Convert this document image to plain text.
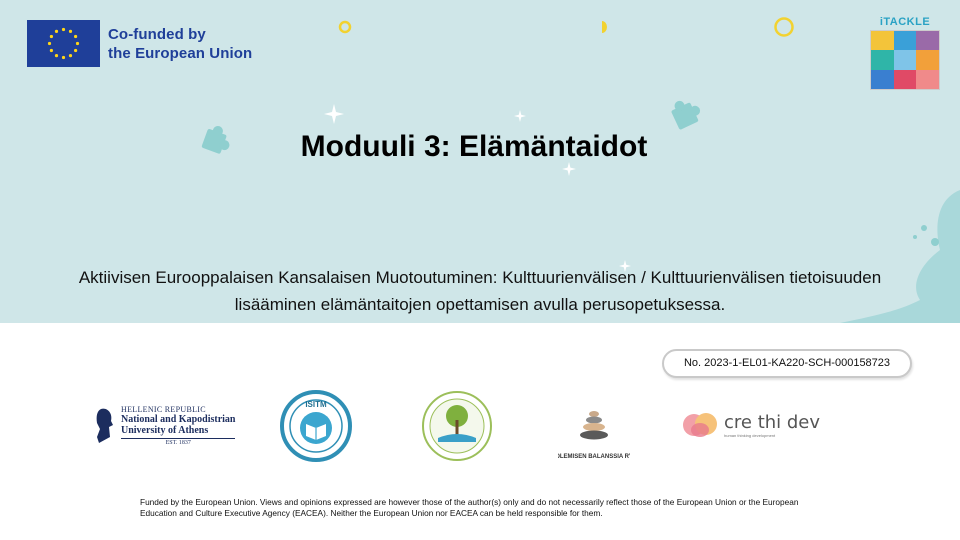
Co-funded by
the European Union
iTACKLE
Moduuli 3: Elämäntaidot

Aktiivisen Eurooppalaisen Kansalaisen Muotoutuminen: Kulttuurienvälisen / Kulttuurienvälisen tietoisuuden lisääminen elämäntaitojen opettamisen avulla perusopetuksessa.

No. 2023-1-EL01-KA220-SCH-000158723
HELLENIC REPUBLIC
National and Kapodistrian
University of Athens
EST. 1837
ISITM
OLEMISEN BALANSSIA RY
cre thi dev
human thinking development

Funded by the European Union. Views and opinions expressed are however those of the author(s) only and do not necessarily reflect those of the European Union or the European Education and Culture Executive Agency (EACEA). Neither the European Union nor EACEA can be held responsible for them.
